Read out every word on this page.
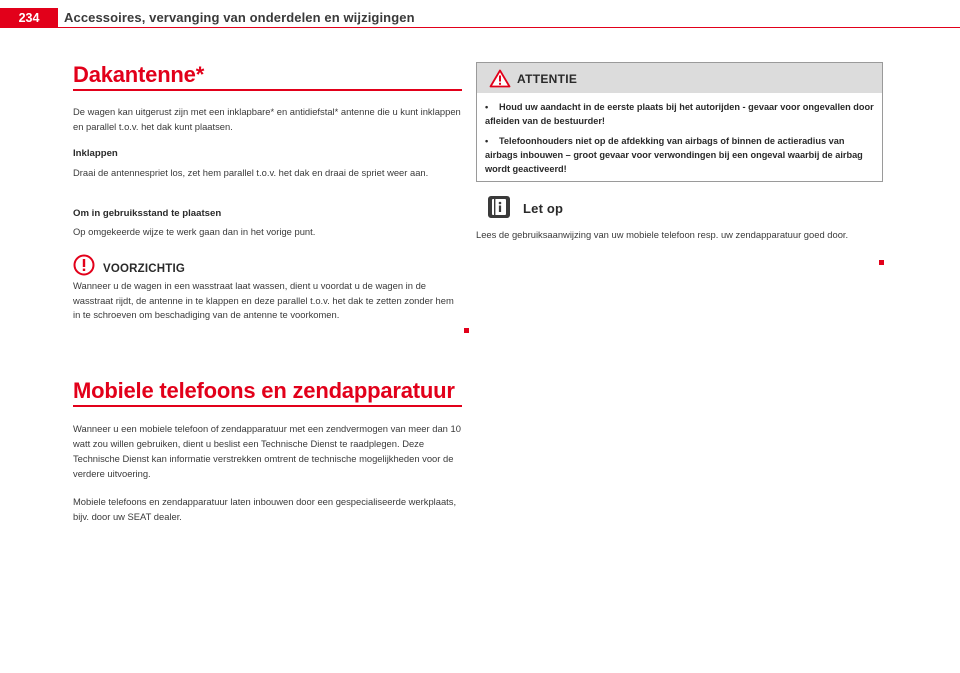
234	Accessoires, vervanging van onderdelen en wijzigingen
Dakantenne*

De wagen kan uitgerust zijn met een inklapbare* en antidiefstal* antenne die u kunt inklappen en parallel t.o.v. het dak kunt plaatsen.

Inklappen

Draai de antennespriet los, zet hem parallel t.o.v. het dak en draai de spriet weer aan.

Om in gebruiksstand te plaatsen

Op omgekeerde wijze te werk gaan dan in het vorige punt.

VOORZICHTIG

Wanneer u de wagen in een wasstraat laat wassen, dient u voordat u de wagen in de wasstraat rijdt, de antenne in te klappen en deze parallel t.o.v. het dak te zetten zonder hem in te schroeven om beschadiging van de antenne te voorkomen.

Mobiele telefoons en zendapparatuur

Wanneer u een mobiele telefoon of zendapparatuur met een zendvermogen van meer dan 10 watt zou willen gebruiken, dient u beslist een Technische Dienst te raadplegen. Deze Technische Dienst kan informatie verstrekken omtrent de technische mogelijkheden voor de verdere uitvoering.

Mobiele telefoons en zendapparatuur laten inbouwen door een gespecialiseerde werkplaats, bijv. door uw SEAT dealer.

ATTENTIE

• Houd uw aandacht in de eerste plaats bij het autorijden - gevaar voor ongevallen door afleiden van de bestuurder!

• Telefoonhouders niet op de afdekking van airbags of binnen de actieradius van airbags inbouwen – groot gevaar voor verwondingen bij een ongeval waarbij de airbag wordt geactiveerd!

Let op

Lees de gebruiksaanwijzing van uw mobiele telefoon resp. uw zendapparatuur goed door.
